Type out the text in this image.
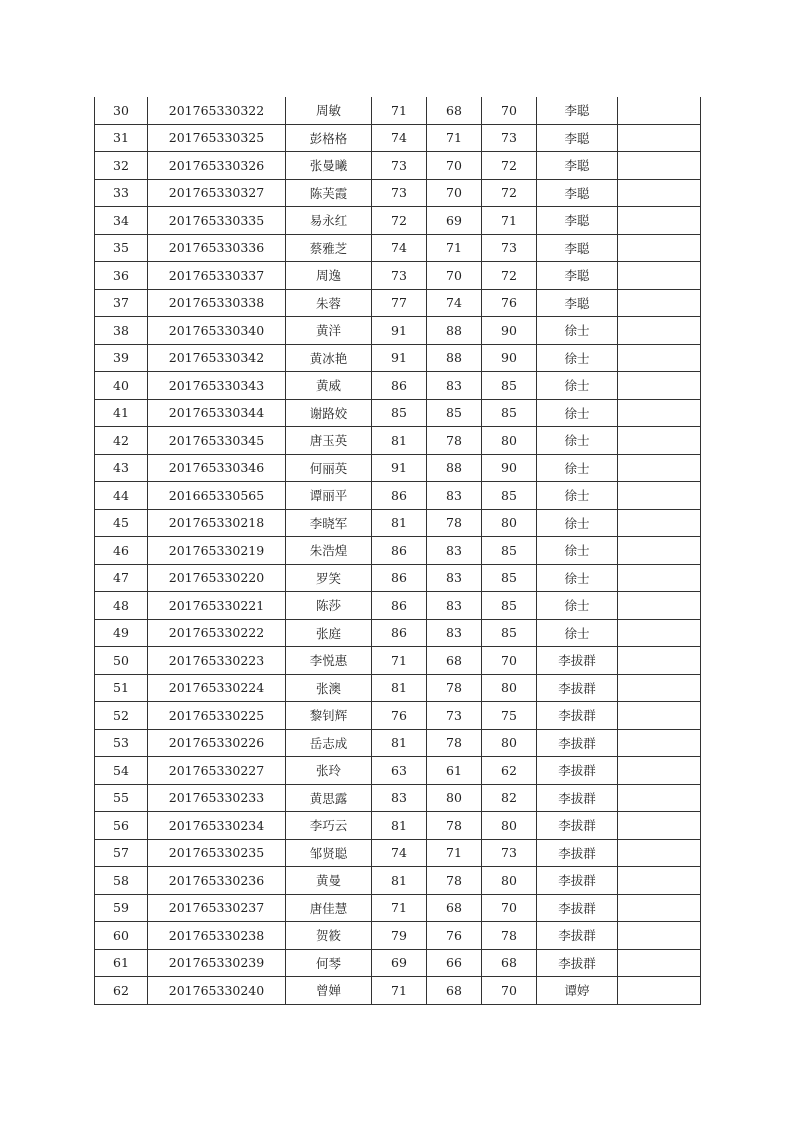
30	201765330322	周敏	71	68	70	李聪	
31	201765330325	彭格格	74	71	73	李聪	
32	201765330326	张曼曦	73	70	72	李聪	
33	201765330327	陈芙霞	73	70	72	李聪	
34	201765330335	易永红	72	69	71	李聪	
35	201765330336	蔡雅芝	74	71	73	李聪	
36	201765330337	周逸	73	70	72	李聪	
37	201765330338	朱蓉	77	74	76	李聪	
38	201765330340	黄洋	91	88	90	徐士	
39	201765330342	黄冰艳	91	88	90	徐士	
40	201765330343	黄威	86	83	85	徐士	
41	201765330344	谢路姣	85	85	85	徐士	
42	201765330345	唐玉英	81	78	80	徐士	
43	201765330346	何丽英	91	88	90	徐士	
44	201665330565	谭丽平	86	83	85	徐士	
45	201765330218	李晓军	81	78	80	徐士	
46	201765330219	朱浩煌	86	83	85	徐士	
47	201765330220	罗笑	86	83	85	徐士	
48	201765330221	陈莎	86	83	85	徐士	
49	201765330222	张庭	86	83	85	徐士	
50	201765330223	李悦惠	71	68	70	李拔群	
51	201765330224	张澳	81	78	80	李拔群	
52	201765330225	黎钊辉	76	73	75	李拔群	
53	201765330226	岳志成	81	78	80	李拔群	
54	201765330227	张玲	63	61	62	李拔群	
55	201765330233	黄思露	83	80	82	李拔群	
56	201765330234	李巧云	81	78	80	李拔群	
57	201765330235	邹贤聪	74	71	73	李拔群	
58	201765330236	黄曼	81	78	80	李拔群	
59	201765330237	唐佳慧	71	68	70	李拔群	
60	201765330238	贺筱	79	76	78	李拔群	
61	201765330239	何琴	69	66	68	李拔群	
62	201765330240	曾婵	71	68	70	谭婷	
